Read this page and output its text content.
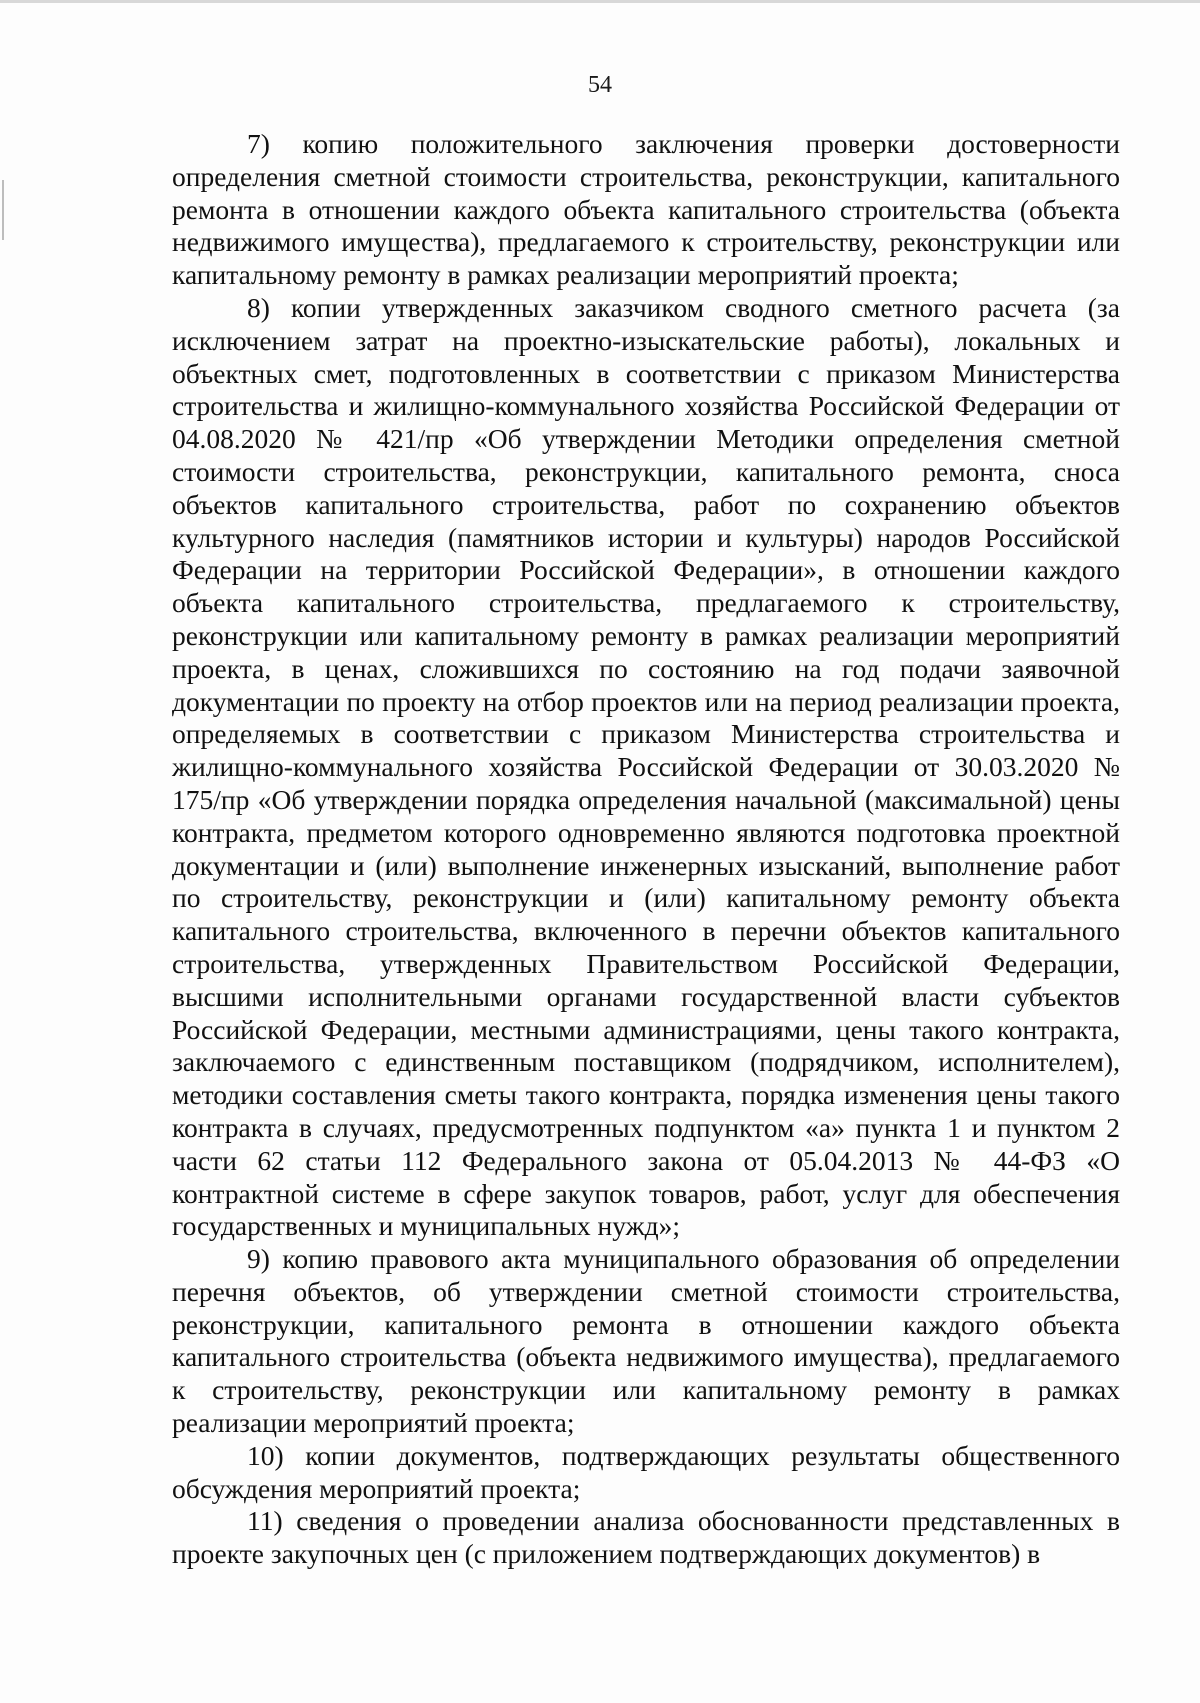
54

7) копию положительного заключения проверки достоверности определения сметной стоимости строительства, реконструкции, капитального ремонта в отношении каждого объекта капитального строительства (объекта недвижимого имущества), предлагаемого к строительству, реконструкции или капитальному ремонту в рамках реализации мероприятий проекта;

8) копии утвержденных заказчиком сводного сметного расчета (за исключением затрат на проектно-изыскательские работы), локальных и объектных смет, подготовленных в соответствии с приказом Министерства строительства и жилищно-коммунального хозяйства Российской Федерации от 04.08.2020 № 421/пр «Об утверждении Методики определения сметной стоимости строительства, реконструкции, капитального ремонта, сноса объектов капитального строительства, работ по сохранению объектов культурного наследия (памятников истории и культуры) народов Российской Федерации на территории Российской Федерации», в отношении каждого объекта капитального строительства, предлагаемого к строительству, реконструкции или капитальному ремонту в рамках реализации мероприятий проекта, в ценах, сложившихся по состоянию на год подачи заявочной документации по проекту на отбор проектов или на период реализации проекта, определяемых в соответствии с приказом Министерства строительства и жилищно-коммунального хозяйства Российской Федерации от 30.03.2020 № 175/пр «Об утверждении порядка определения начальной (максимальной) цены контракта, предметом которого одновременно являются подготовка проектной документации и (или) выполнение инженерных изысканий, выполнение работ по строительству, реконструкции и (или) капитальному ремонту объекта капитального строительства, включенного в перечни объектов капитального строительства, утвержденных Правительством Российской Федерации, высшими исполнительными органами государственной власти субъектов Российской Федерации, местными администрациями, цены такого контракта, заключаемого с единственным поставщиком (подрядчиком, исполнителем), методики составления сметы такого контракта, порядка изменения цены такого контракта в случаях, предусмотренных подпунктом «а» пункта 1 и пунктом 2 части 62 статьи 112 Федерального закона от 05.04.2013 № 44-ФЗ «О контрактной системе в сфере закупок товаров, работ, услуг для обеспечения государственных и муниципальных нужд»;

9) копию правового акта муниципального образования об определении перечня объектов, об утверждении сметной стоимости строительства, реконструкции, капитального ремонта в отношении каждого объекта капитального строительства (объекта недвижимого имущества), предлагаемого к строительству, реконструкции или капитальному ремонту в рамках реализации мероприятий проекта;

10) копии документов, подтверждающих результаты общественного обсуждения мероприятий проекта;

11) сведения о проведении анализа обоснованности представленных в проекте закупочных цен (с приложением подтверждающих документов) в
